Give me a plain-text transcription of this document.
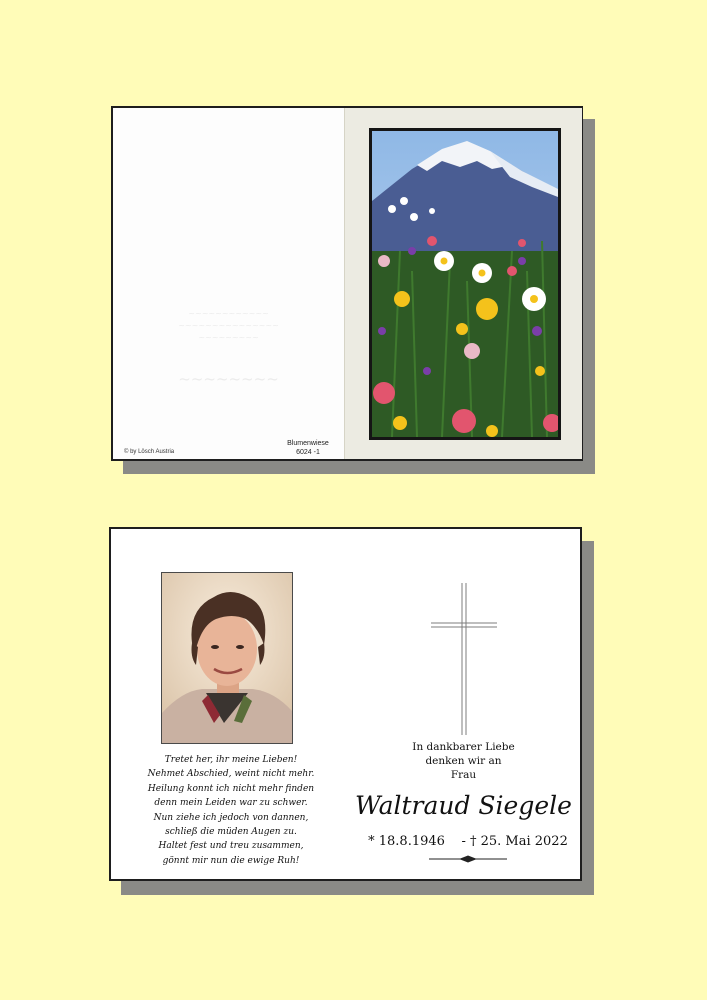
~~~~~~~~~~~~
~~~~~~~~~~~~~~~
~~~~~~~~~
~~~~~~~~
© by Lösch Austria
Blumenwiese
6024 -1
Tretet her, ihr meine Lieben!
Nehmet Abschied, weint nicht mehr.
Heilung konnt ich nicht mehr finden
denn mein Leiden war zu schwer.
Nun ziehe ich jedoch von dannen,
schließ die müden Augen zu.
Haltet fest und treu zusammen,
gönnt mir nun die ewige Ruh!
In dankbarer Liebe
denken wir an
Frau
Waltraud Siegele
* 18.8.1946 - † 25. Mai 2022
